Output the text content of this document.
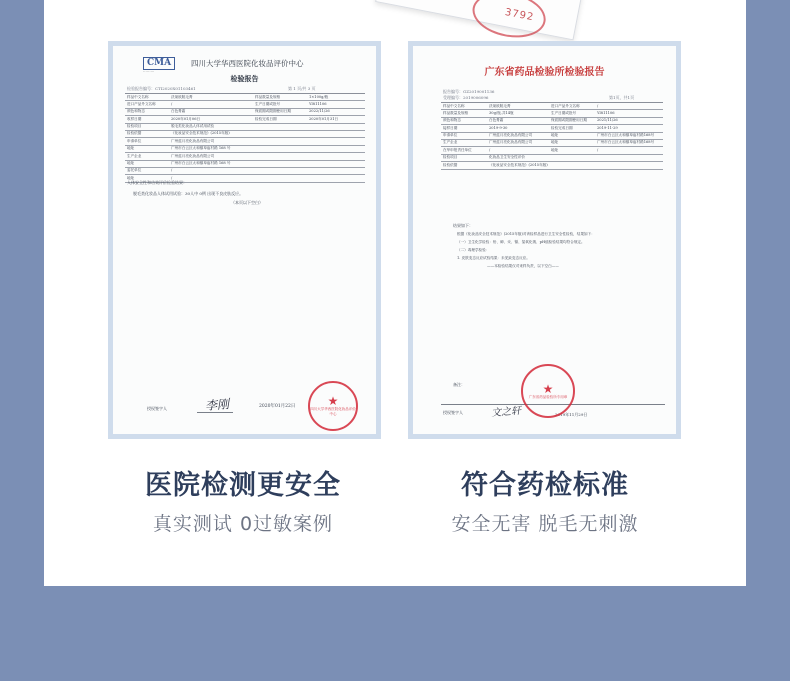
3792
CMA
·········
四川大学华西医院化妆品评价中心
检验报告
检验报告编号：CTI2020X01103461	第 1 页/共 3 页
样品中文名称	沃莱欧脱毛膏	样品数量及规格	1×100g/瓶
进口产品外文名称	/	生产日期或批号	YI811106
颜色和物态	白色膏霜	保质期或限期使用日期	2022/11/26
收样日期	2020年01月06日	检验完成日期	2020年01月31日
检验项目	脱毛类化妆品人体试用试验
检验依据	《化妆品安全技术规范》(2015年版)
申请单位	广州蓝月亮化妆品有限公司
地址	广州市白云区太和镇草庙村路 168 号
生产企业	广州蓝月亮化妆品有限公司
地址	广州市白云区太和镇草庙村路 168 号
委托单位	/
地址	/
人体安全性和功效评价检验结果：
脱毛类化妆品人体试用试验：30人中 0例 出现不良皮肤反应。
（本页以下空白）
授权签字人	李刚	2020年01月22日	★
四川大学华西医院化妆品评价中心
广东省药品检验所检验报告
报告编号：GZ2019001136
受理编号：2019006096	第1页，共1页
样品中文名称	沃莱欧脱毛膏	进口产品外文名称	/
样品数量及规格	30g/瓶,共14瓶	生产日期或批号	YI811106
颜色和物态	白色膏霜	保质期或限期使用日期	2021/11/26
接样日期	2019-9-30	检验完成日期	2019-11-29
申请单位	广州蓝月亮化妆品有限公司	地址	广州市白云区太和镇草庙村路168号
生产企业	广州蓝月亮化妆品有限公司	地址	广州市白云区太和镇草庙村路168号
在华申报责任单位	/	地址	/
检验项目	化妆品卫生安全性评价
检验依据	《化妆品安全技术规范》(2015年版)
结果如下：
根据《化妆品安全技术规范》(2015年版)对该检样品进行卫生安全性检验，结果如下：
（一）卫生化学检验：铅、砷、汞、镉、氢氧化钠、pH值检验结果均符合规定。
（二）毒理学检验：
1. 皮肤变态反应试验结果：未见致变态反应。
——本检验结果仅对来样负责，以下空白——
备注：
授权签字人	文之轩	2019年11月29日
★
广东省药品检验所专用章
医院检测更安全
真实测试 0过敏案例
符合药检标准
安全无害 脱毛无刺激
